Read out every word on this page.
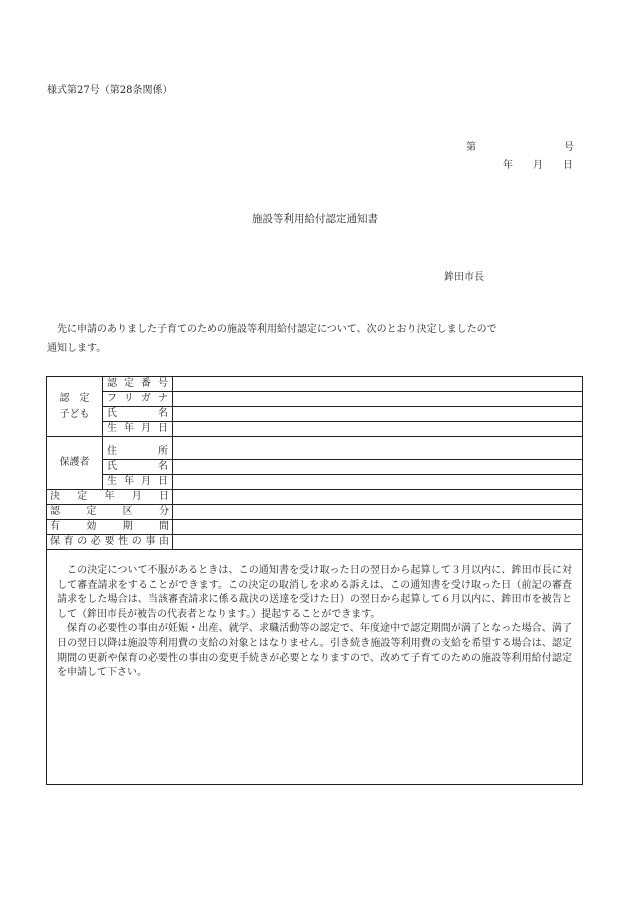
様式第27号（第28条関係）
第	号
年 月 日
施設等利用給付認定通知書
鉾田市長

先に申請のありました子育てのための施設等利用給付認定について、次のとおり決定しましたので

通知します。

認　定
子ども	認定番号	
	フリガナ	
	氏名	
	生年月日	
保護者	住所	
	氏名	
	生年月日	
決定年月日		
認定区分		
有効期間		
保育の必要性の事由		

この決定について不服があるときは、この通知書を受け取った日の翌日から起算して３月以内に、鉾田市長に対して審査請求をすることができます。この決定の取消しを求める訴えは、この通知書を受け取った日（前記の審査請求をした場合は、当該審査請求に係る裁決の送達を受けた日）の翌日から起算して６月以内に、鉾田市を被告として（鉾田市長が被告の代表者となります。）提起することができます。

保育の必要性の事由が妊娠・出産、就学、求職活動等の認定で、年度途中で認定期間が満了となった場合、満了日の翌日以降は施設等利用費の支給の対象とはなりません。引き続き施設等利用費の支給を希望する場合は、認定期間の更新や保育の必要性の事由の変更手続きが必要となりますので、改めて子育てのための施設等利用給付認定を申請して下さい。		
